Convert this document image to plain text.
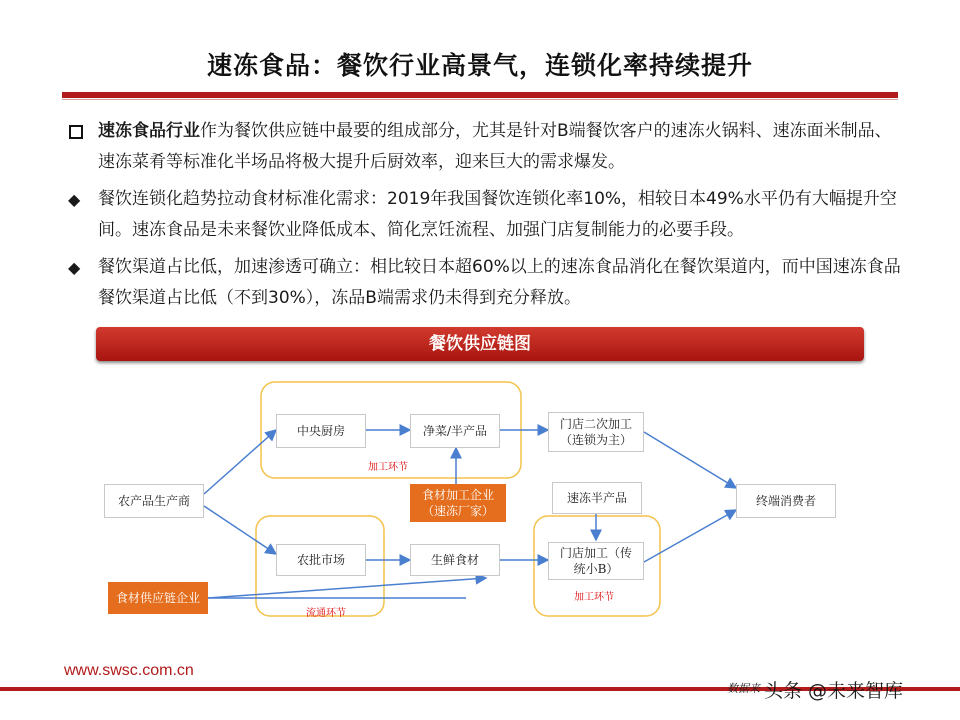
速冻食品：餐饮行业高景气，连锁化率持续提升
速冻食品行业作为餐饮供应链中最要的组成部分，尤其是针对B端餐饮客户的速冻火锅料、速冻面米制品、速冻菜肴等标准化半场品将极大提升后厨效率，迎来巨大的需求爆发。
◆ 餐饮连锁化趋势拉动食材标准化需求：2019年我国餐饮连锁化率10%，相较日本49%水平仍有大幅提升空间。速冻食品是未来餐饮业降低成本、简化烹饪流程、加强门店复制能力的必要手段。
◆ 餐饮渠道占比低，加速渗透可确立：相比较日本超60%以上的速冻食品消化在餐饮渠道内，而中国速冻食品餐饮渠道占比低（不到30%），冻品B端需求仍未得到充分释放。
餐饮供应链图
农产品生产商
中央厨房	净菜/半产品	门店二次加工
（连锁为主）
食材加工企业
（速冻厂家）
速冻半产品	终端消费者
农批市场	生鲜食材	门店加工（传
统小B）
食材供应链企业
加工环节
流通环节
加工环节
www.swsc.com.cn
数据来 头条 @未来智库
